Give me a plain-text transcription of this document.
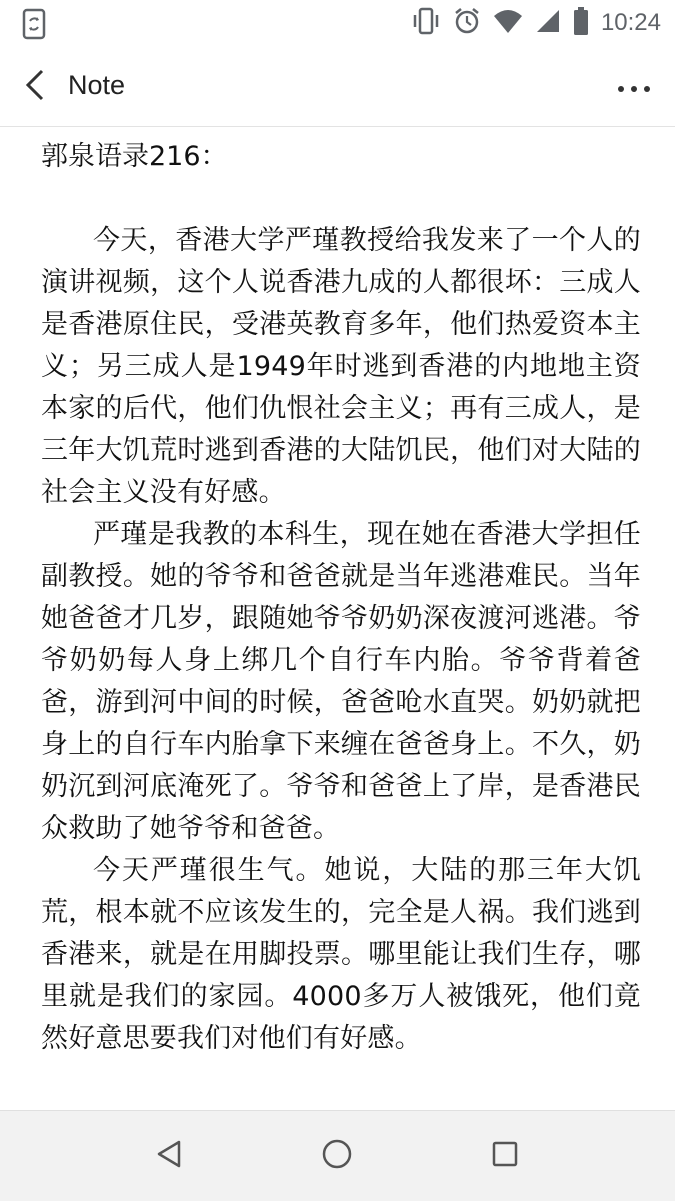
10:24
Note
郭泉语录216：

今天，香港大学严瑾教授给我发来了一个人的演讲视频，这个人说香港九成的人都很坏：三成人是香港原住民，受港英教育多年，他们热爱资本主义；另三成人是1949年时逃到香港的内地地主资本家的后代，他们仇恨社会主义；再有三成人，是三年大饥荒时逃到香港的大陆饥民，他们对大陆的社会主义没有好感。

严瑾是我教的本科生，现在她在香港大学担任副教授。她的爷爷和爸爸就是当年逃港难民。当年她爸爸才几岁，跟随她爷爷奶奶深夜渡河逃港。爷爷奶奶每人身上绑几个自行车内胎。爷爷背着爸爸，游到河中间的时候，爸爸呛水直哭。奶奶就把身上的自行车内胎拿下来缠在爸爸身上。不久，奶奶沉到河底淹死了。爷爷和爸爸上了岸，是香港民众救助了她爷爷和爸爸。

今天严瑾很生气。她说，大陆的那三年大饥荒，根本就不应该发生的，完全是人祸。我们逃到香港来，就是在用脚投票。哪里能让我们生存，哪里就是我们的家园。4000多万人被饿死，他们竟然好意思要我们对他们有好感。
